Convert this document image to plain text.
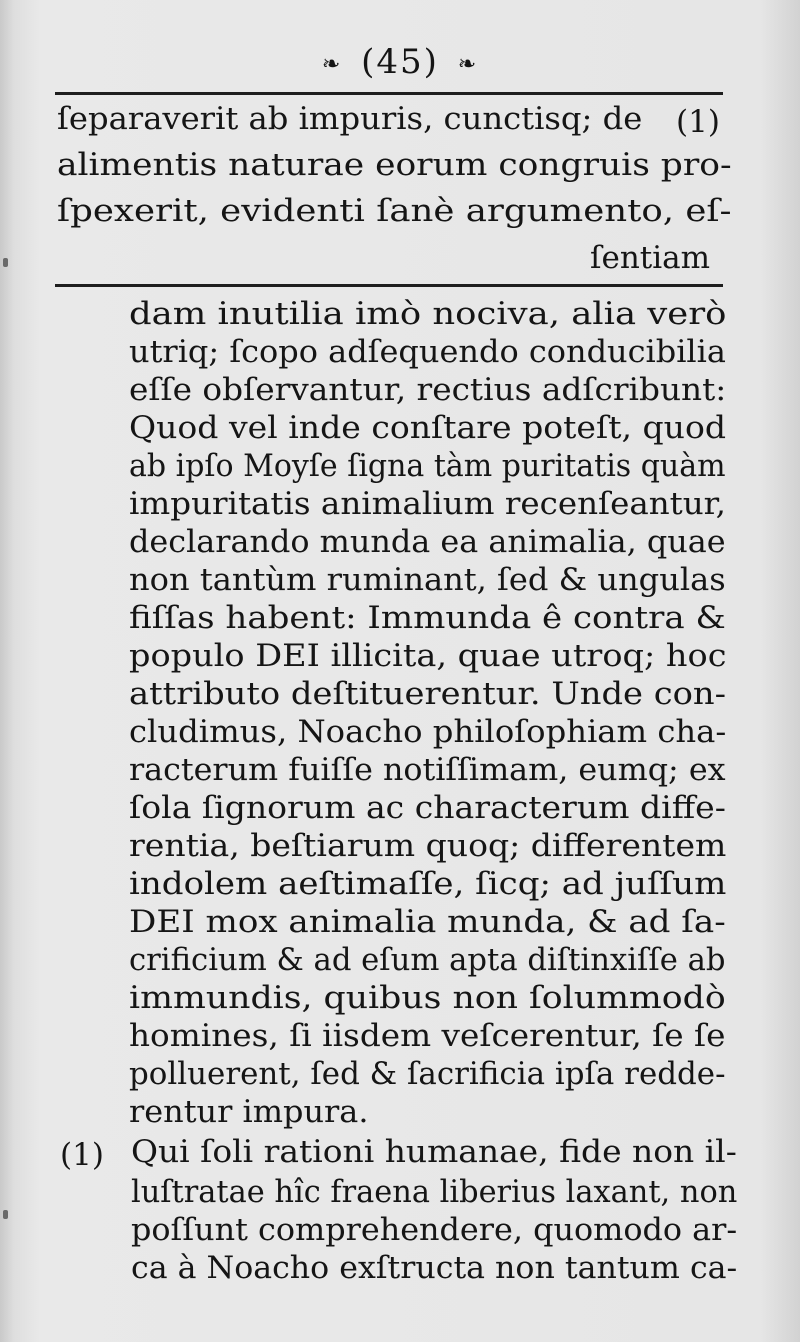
❧ (45) ❧
ſeparaverit ab impuris, cunctisq; de (1)
alimentis naturae eorum congruis pro-
ſpexerit, evidenti ſanè argumento, eſ-
ſentiam
dam inutilia imò nociva, alia verò
utriq; ſcopo adſequendo conducibilia
eſſe obſervantur, rectius adſcribunt:
Quod vel inde conſtare poteſt, quod
ab ipſo Moyſe ſigna tàm puritatis quàm
impuritatis animalium recenſeantur,
declarando munda ea animalia, quae
non tantùm ruminant, ſed & ungulas
fiſſas habent: Immunda ê contra &
populo DEI illicita, quae utroq; hoc
attributo deſtituerentur. Unde con-
cludimus, Noacho philoſophiam cha-
racterum fuiſſe notiſſimam, eumq; ex
ſola ſignorum ac characterum diffe-
rentia, beſtiarum quoq; differentem
indolem aeſtimaſſe, ſicq; ad juſſum
DEI mox animalia munda, & ad ſa-
crificium & ad eſum apta diſtinxiſſe ab
immundis, quibus non ſolummodò
homines, ſi iisdem veſcerentur, ſe ſe
polluerent, ſed & ſacrificia ipſa redde-
rentur impura.
(1) Qui ſoli rationi humanae, fide non il-
luſtratae hîc fraena liberius laxant, non
poſſunt comprehendere, quomodo ar-
ca à Noacho exſtructa non tantum ca-
